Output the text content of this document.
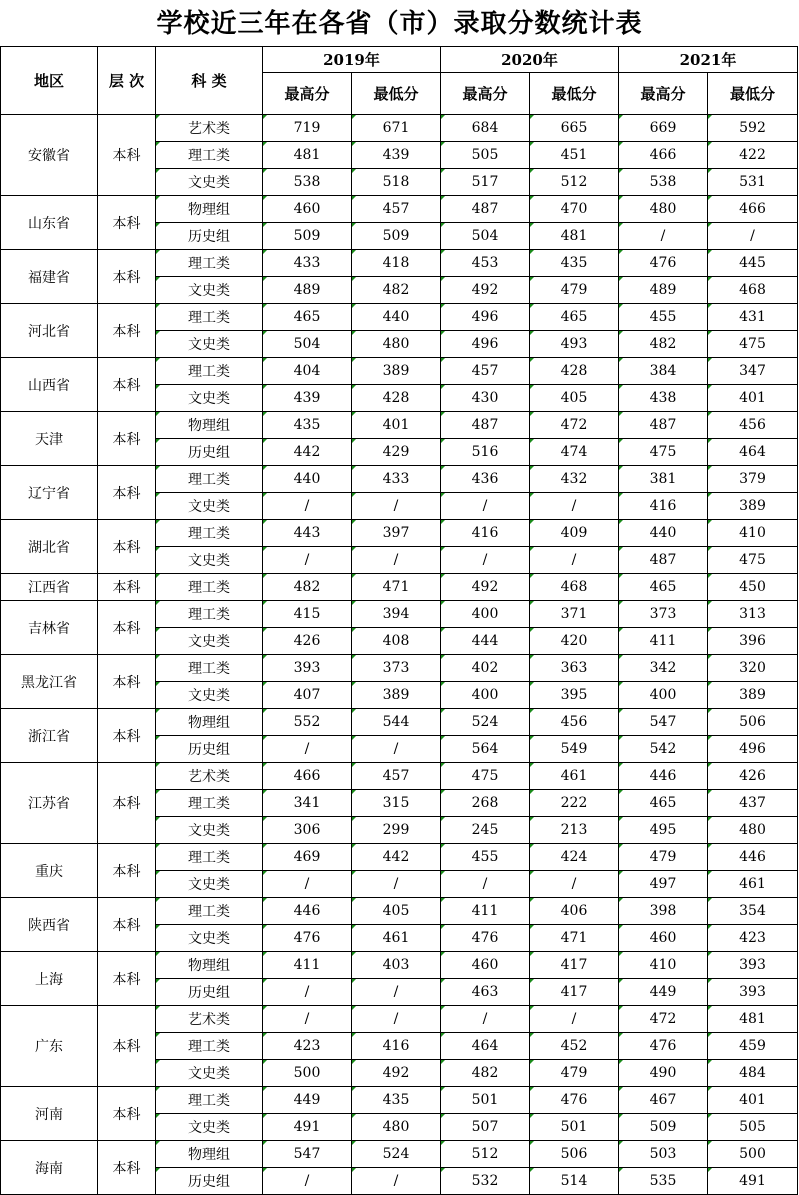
学校近三年在各省（市）录取分数统计表
地区	层 次	科 类	2019年		2020年		2021年	
			最高分	最低分	最高分	最低分	最高分	最低分
安徽省	本科	艺术类	719	671	684	665	669	592
		理工类	481	439	505	451	466	422
		文史类	538	518	517	512	538	531
山东省	本科	物理组	460	457	487	470	480	466
		历史组	509	509	504	481	/	/
福建省	本科	理工类	433	418	453	435	476	445
		文史类	489	482	492	479	489	468
河北省	本科	理工类	465	440	496	465	455	431
		文史类	504	480	496	493	482	475
山西省	本科	理工类	404	389	457	428	384	347
		文史类	439	428	430	405	438	401
天津	本科	物理组	435	401	487	472	487	456
		历史组	442	429	516	474	475	464
辽宁省	本科	理工类	440	433	436	432	381	379
		文史类	/	/	/	/	416	389
湖北省	本科	理工类	443	397	416	409	440	410
		文史类	/	/	/	/	487	475
江西省	本科	理工类	482	471	492	468	465	450
吉林省	本科	理工类	415	394	400	371	373	313
		文史类	426	408	444	420	411	396
黑龙江省	本科	理工类	393	373	402	363	342	320
		文史类	407	389	400	395	400	389
浙江省	本科	物理组	552	544	524	456	547	506
		历史组	/	/	564	549	542	496
江苏省	本科	艺术类	466	457	475	461	446	426
		理工类	341	315	268	222	465	437
		文史类	306	299	245	213	495	480
重庆	本科	理工类	469	442	455	424	479	446
		文史类	/	/	/	/	497	461
陕西省	本科	理工类	446	405	411	406	398	354
		文史类	476	461	476	471	460	423
上海	本科	物理组	411	403	460	417	410	393
		历史组	/	/	463	417	449	393
广东	本科	艺术类	/	/	/	/	472	481
		理工类	423	416	464	452	476	459
		文史类	500	492	482	479	490	484
河南	本科	理工类	449	435	501	476	467	401
		文史类	491	480	507	501	509	505
海南	本科	物理组	547	524	512	506	503	500
		历史组	/	/	532	514	535	491
